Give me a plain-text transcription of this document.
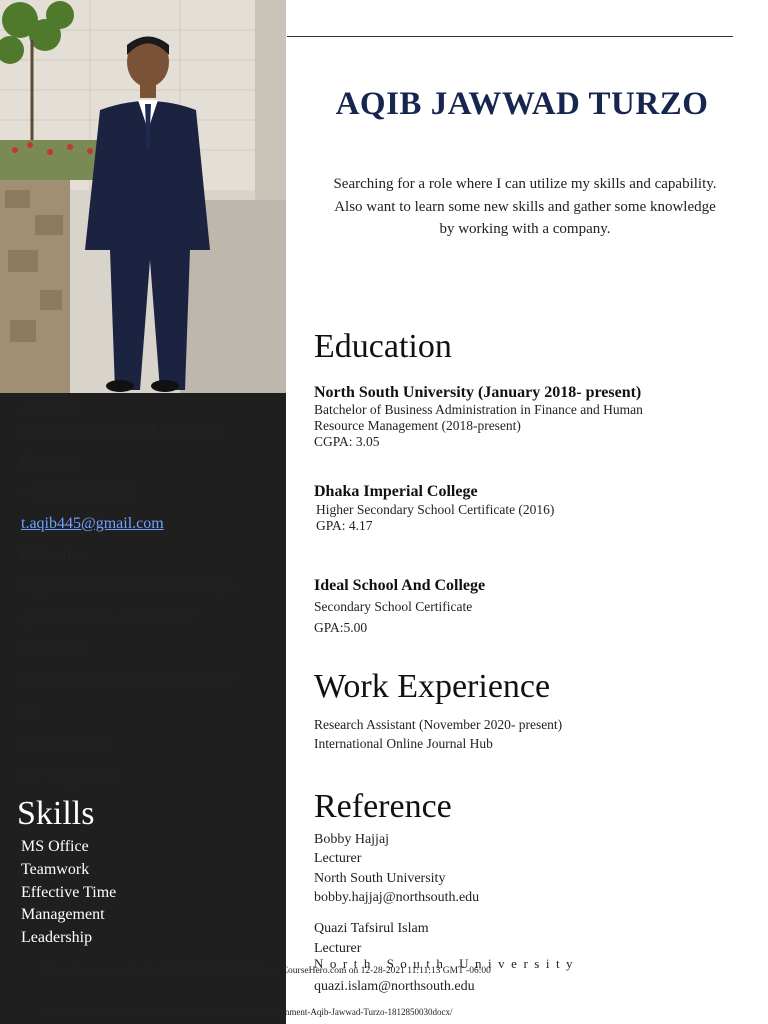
Address:
86/1,Naya Paltan ,Dhaka-1000
Contact:
+8801521111851
t.aqib445@gmail.com
LinkedIn:
https://www.linkedin.com/in/aqib
-jawwad-turzo-1ba22a16b/
Facebook:
https://www.facebook.com/aq.tur
zo/
Date of Birth:
26th May 1998
Skills
MS Office
Teamwork
Effective Time
Management
Leadership
AQIB JAWWAD TURZO
Searching for a role where I can utilize my skills and capability. Also want to learn some new skills and gather some knowledge by working with a company.
Education
North South University (January 2018- present)
Batchelor of Business Administration in Finance and Human
Resource Management (2018-present)
CGPA: 3.05
Dhaka Imperial College
Higher Secondary School Certificate (2016)
GPA: 4.17
Ideal School And College
Secondary School Certificate
GPA:5.00
Work Experience
Research Assistant (November 2020- present)
International Online Journal Hub
Reference
Bobby Hajjaj
Lecturer
North South University
bobby.hajjaj@northsouth.edu
Quazi Tafsirul Islam
Lecturer
North South University
quazi.islam@northsouth.edu
This study source was downloaded by 100000812529540 from CourseHero.com on 12-28-2021 11:11:13 GMT -06:00
https://www.coursehero.com/file/100417856/BUS251-CVCL-Assignment-Aqib-Jawwad-Turzo-1812850030docx/
